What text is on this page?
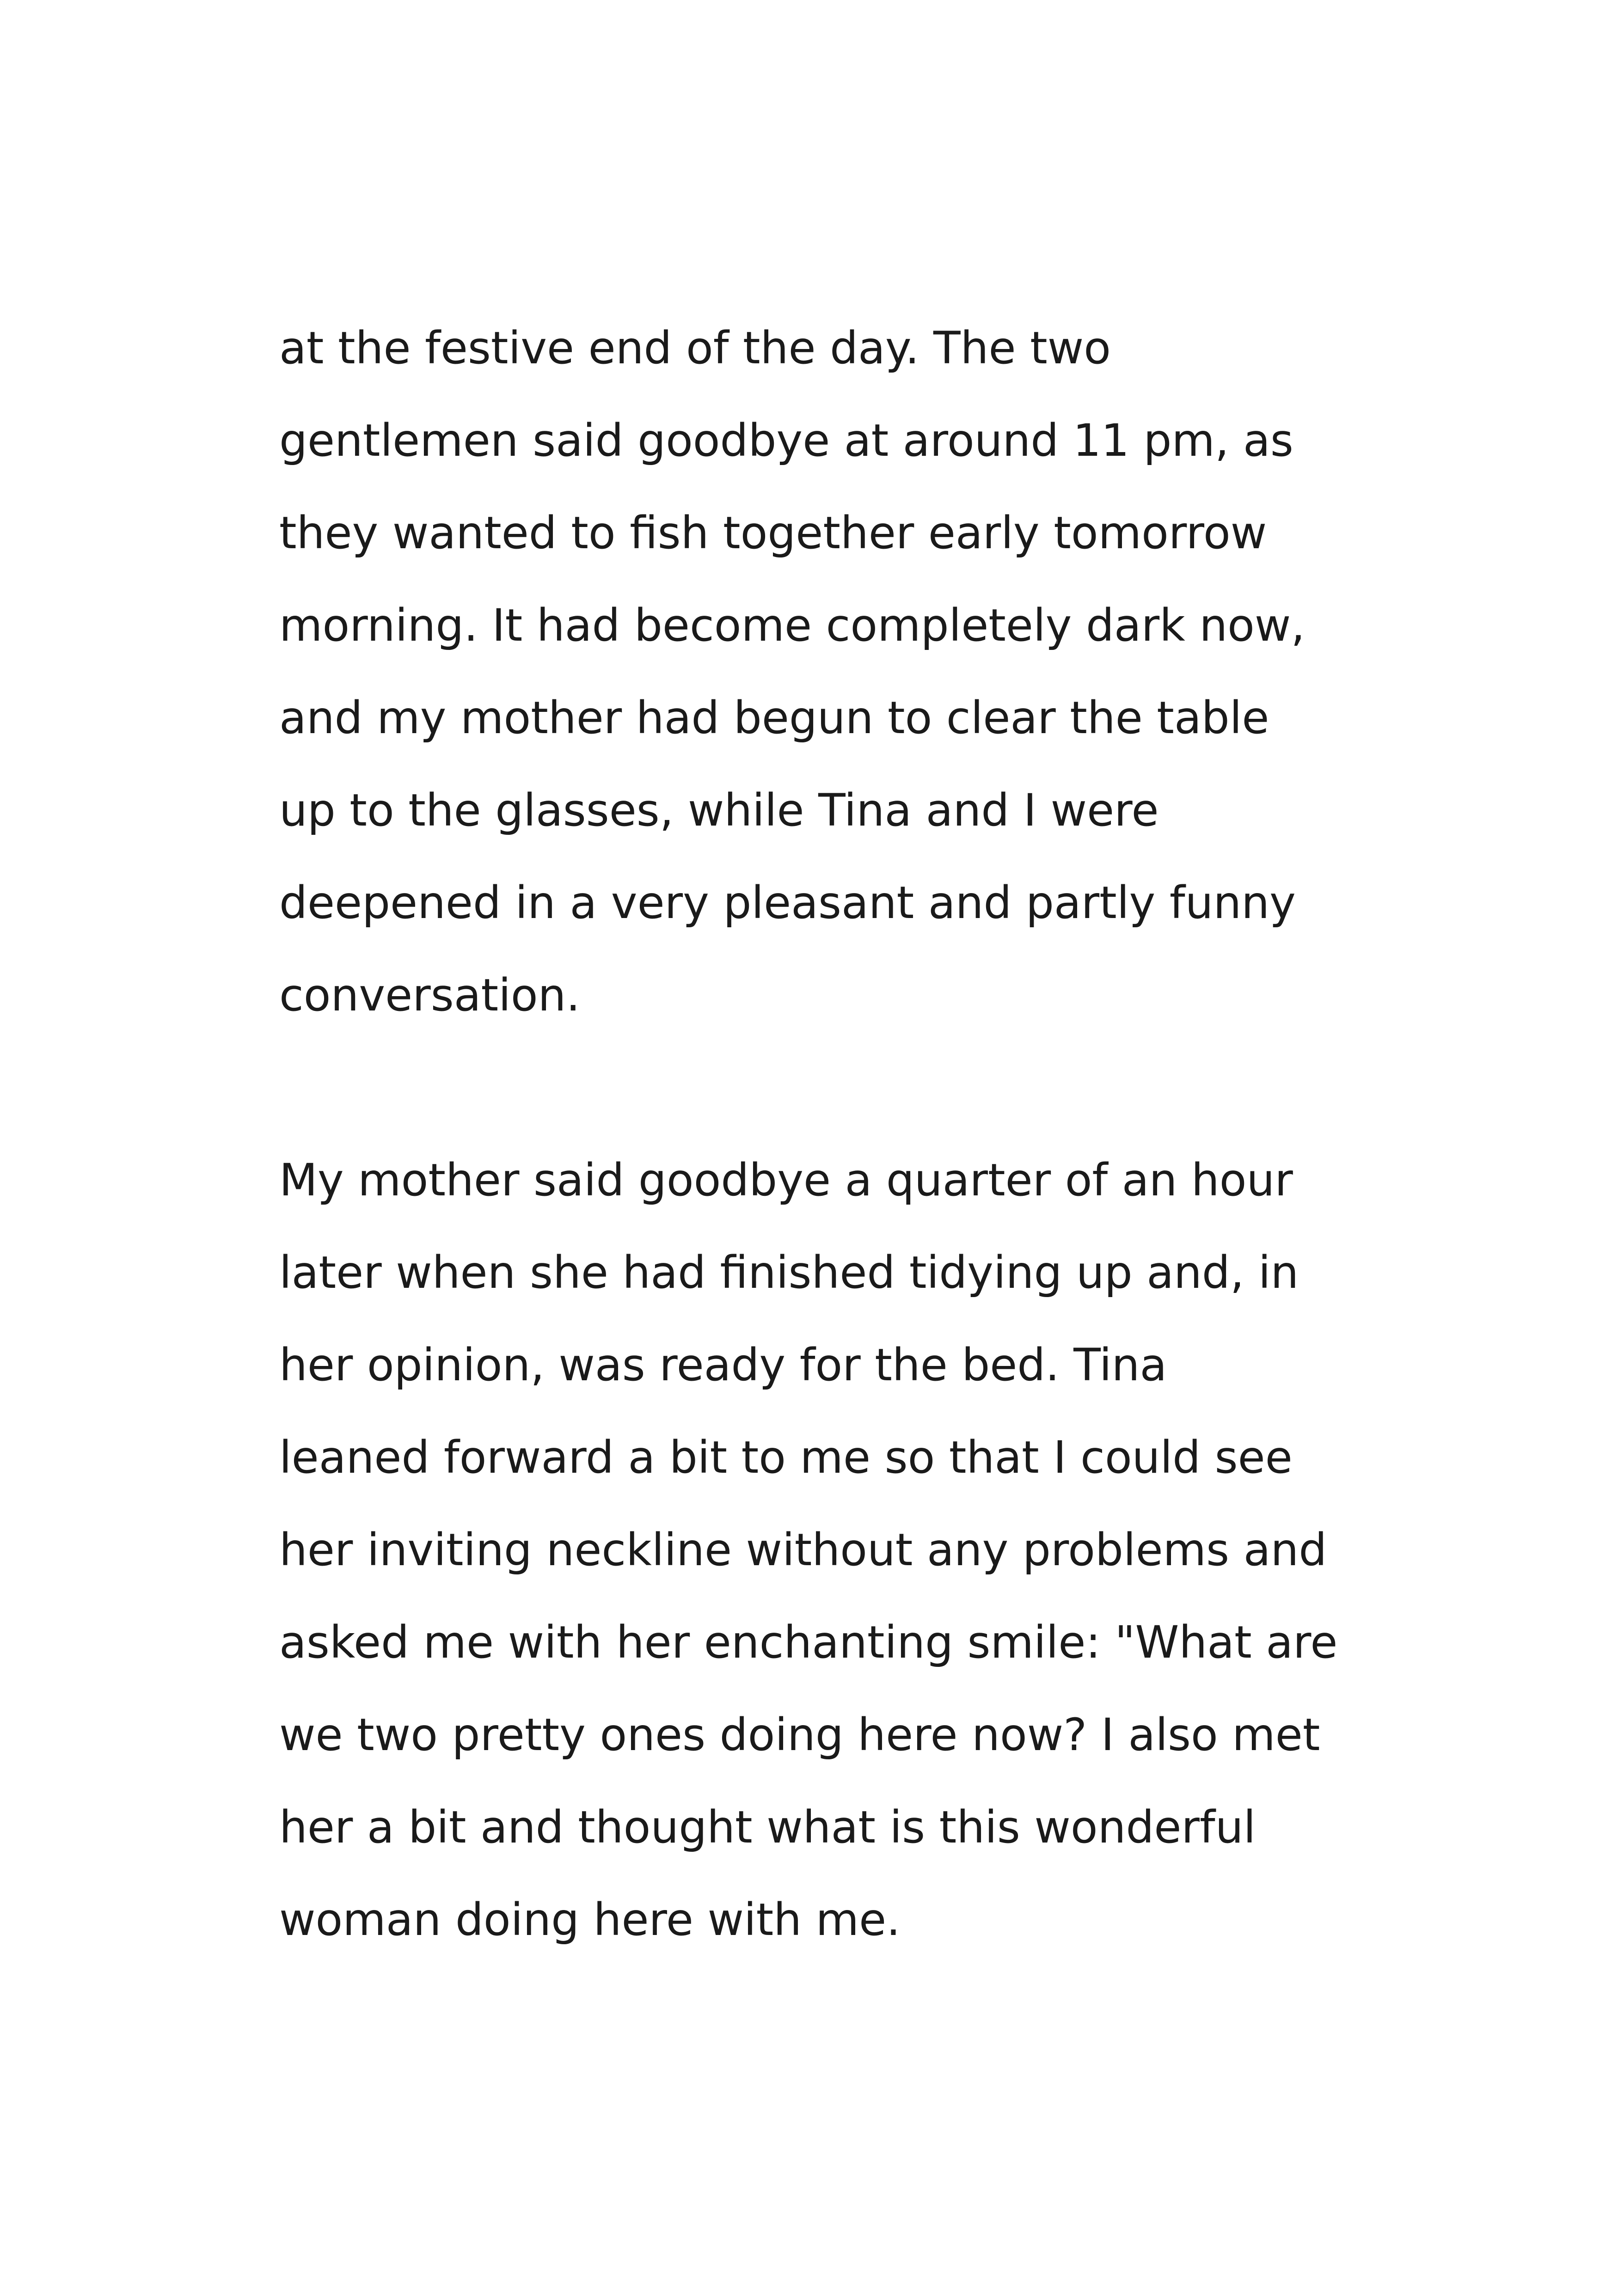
at the festive end of the day. The two
gentlemen said goodbye at around 11 pm, as
they wanted to fish together early tomorrow
morning. It had become completely dark now,
and my mother had begun to clear the table
up to the glasses, while Tina and I were
deepened in a very pleasant and partly funny
conversation.
My mother said goodbye a quarter of an hour
later when she had finished tidying up and, in
her opinion, was ready for the bed. Tina
leaned forward a bit to me so that I could see
her inviting neckline without any problems and
asked me with her enchanting smile: "What are
we two pretty ones doing here now? I also met
her a bit and thought what is this wonderful
woman doing here with me.
